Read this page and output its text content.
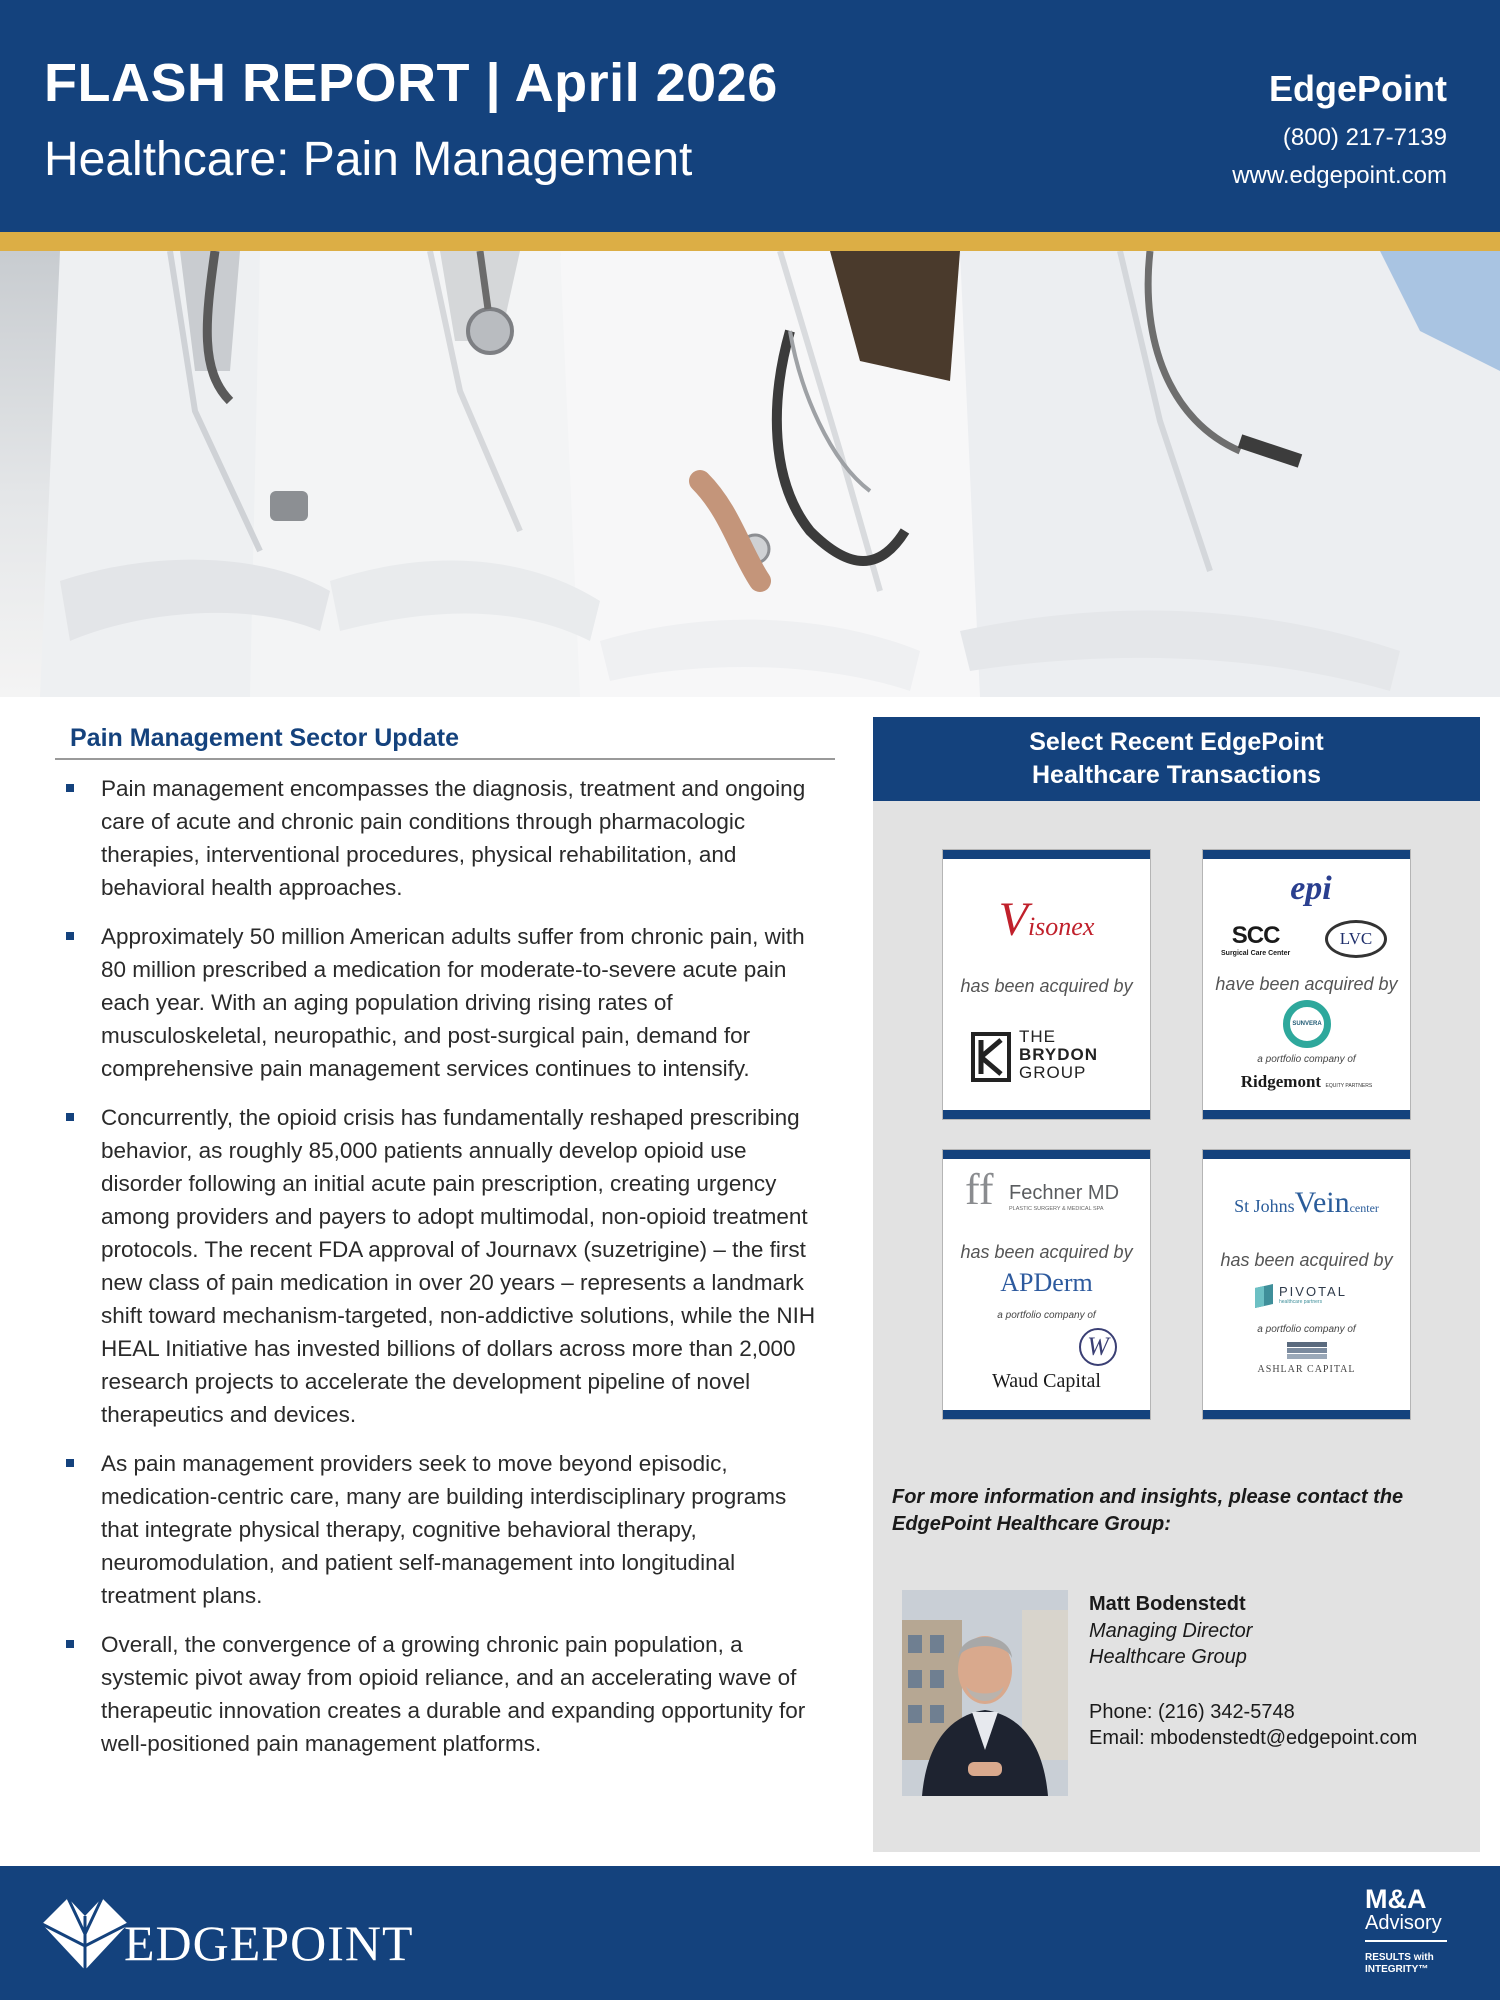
FLASH REPORT | April 2026
Healthcare: Pain Management
EdgePoint
(800) 217-7139
www.edgepoint.com
Pain Management Sector Update
Pain management encompasses the diagnosis, treatment and ongoing care of acute and chronic pain conditions through pharmacologic therapies, interventional procedures, physical rehabilitation, and behavioral health approaches.
Approximately 50 million American adults suffer from chronic pain, with 80 million prescribed a medication for moderate-to-severe acute pain each year. With an aging population driving rising rates of musculoskeletal, neuropathic, and post-surgical pain, demand for comprehensive pain management services continues to intensify.
Concurrently, the opioid crisis has fundamentally reshaped prescribing behavior, as roughly 85,000 patients annually develop opioid use disorder following an initial acute pain prescription, creating urgency among providers and payers to adopt multimodal, non-opioid treatment protocols. The recent FDA approval of Journavx (suzetrigine) – the first new class of pain medication in over 20 years – represents a landmark shift toward mechanism-targeted, non-addictive solutions, while the NIH HEAL Initiative has invested billions of dollars across more than 2,000 research projects to accelerate the development pipeline of novel therapeutics and devices.
As pain management providers seek to move beyond episodic, medication-centric care, many are building interdisciplinary programs that integrate physical therapy, cognitive behavioral therapy, neuromodulation, and patient self-management into longitudinal treatment plans.
Overall, the convergence of a growing chronic pain population, a systemic pivot away from opioid reliance, and an accelerating wave of therapeutic innovation creates a durable and expanding opportunity for well-positioned pain management platforms.
Select Recent EdgePoint
Healthcare Transactions
Visonex
has been acquired by
THE
BRYDON
GROUP
epi
SCC
Surgical Care Center
LVC
have been acquired by
SUNVERA
a portfolio company of
Ridgemont EQUITY PARTNERS
ff Fechner MD
PLASTIC SURGERY & MEDICAL SPA
has been acquired by
APDerm
a portfolio company of
W
Waud Capital
St JohnsVeincenter
has been acquired by
PIVOTAL
healthcare partners
a portfolio company of
ASHLAR CAPITAL
For more information and insights, please contact the EdgePoint Healthcare Group:
Matt Bodenstedt
Managing Director
Healthcare Group
Phone: (216) 342-5748
Email: mbodenstedt@edgepoint.com
EDGEPOINT
M&A
Advisory
RESULTS with
INTEGRITY™
